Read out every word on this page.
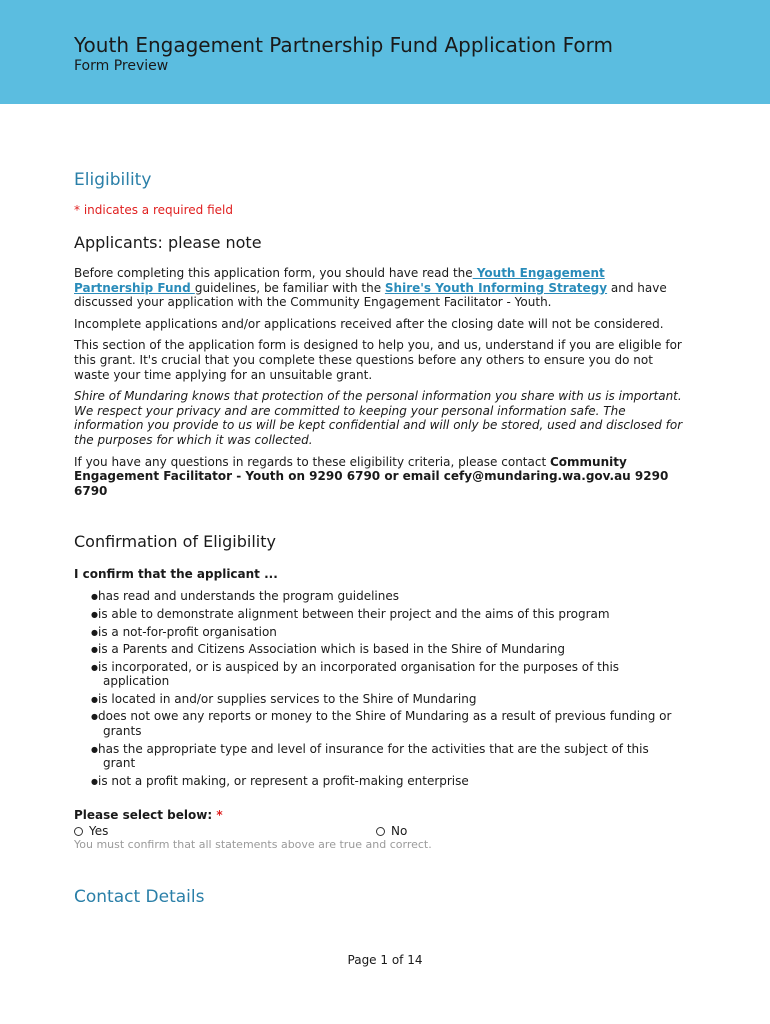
Youth Engagement Partnership Fund Application Form
Form Preview
Eligibility
* indicates a required field
Applicants: please note

Before completing this application form, you should have read the Youth Engagement Partnership Fund guidelines, be familiar with the Shire's Youth Informing Strategy and have discussed your application with the Community Engagement Facilitator - Youth.

Incomplete applications and/or applications received after the closing date will not be considered.

This section of the application form is designed to help you, and us, understand if you are eligible for this grant. It's crucial that you complete these questions before any others to ensure you do not waste your time applying for an unsuitable grant.

Shire of Mundaring knows that protection of the personal information you share with us is important. We respect your privacy and are committed to keeping your personal information safe. The information you provide to us will be kept confidential and will only be stored, used and disclosed for the purposes for which it was collected.

If you have any questions in regards to these eligibility criteria, please contact Community Engagement Facilitator - Youth on 9290 6790 or email cefy@mundaring.wa.gov.au 9290 6790

Confirmation of Eligibility
I confirm that the applicant ...
● has read and understands the program guidelines
● is able to demonstrate alignment between their project and the aims of this program
● is a not-for-profit organisation
● is a Parents and Citizens Association which is based in the Shire of Mundaring
● is incorporated, or is auspiced by an incorporated organisation for the purposes of this application
● is located in and/or supplies services to the Shire of Mundaring
● does not owe any reports or money to the Shire of Mundaring as a result of previous funding or grants
● has the appropriate type and level of insurance for the activities that are the subject of this grant
● is not a profit making, or represent a profit-making enterprise
Please select below: *
Yes	No
You must confirm that all statements above are true and correct.
Contact Details
Page 1 of 14
